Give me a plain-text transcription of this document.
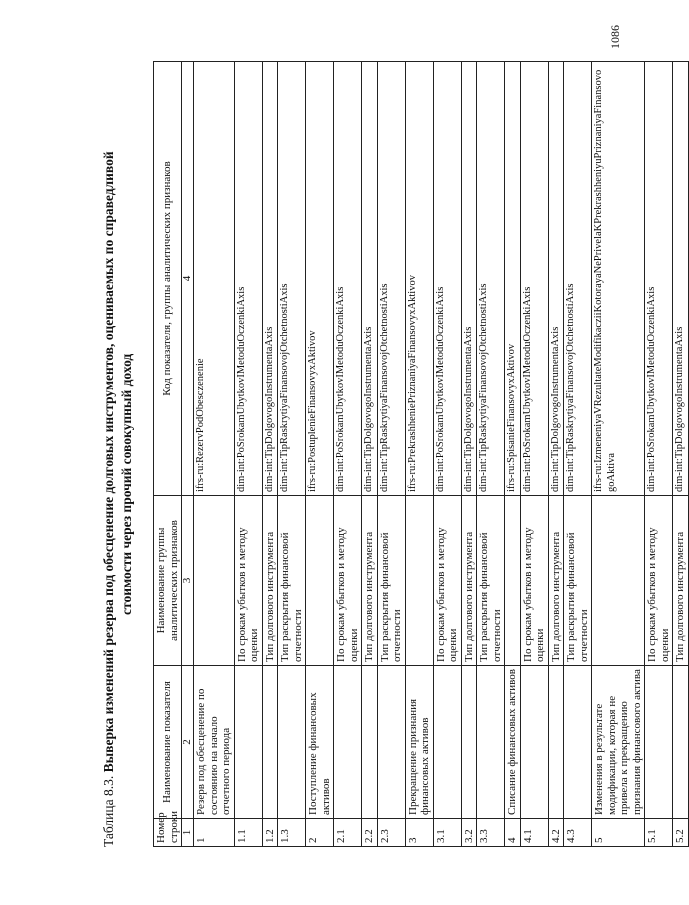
Таблица 8.3. Выверка изменений резерва под обесценение долговых инструментов, оцениваемых по справедливой стоимости через прочий совокупный доход
Номер строки	Наименование показателя	Наименование группы аналитических признаков	Код показателя, группы аналитических признаков
1	2	3	4
1	Резерв под обесценение по состоянию на начало отчетного периода		ifrs-ru:RezervPodObesczenenie
1.1		По срокам убытков и методу оценки	dim-int:PoSrokamUbytkovIMetoduOczenkiAxis
1.2		Тип долгового инструмента	dim-int:TipDolgovogoInstrumentaAxis
1.3		Тип раскрытия финансовой отчетности	dim-int:TipRaskrytiyaFinansovojOtchetnostiAxis
2	Поступление финансовых активов		ifrs-ru:PostupleniеFinansovyxAktivov
2.1		По срокам убытков и методу оценки	dim-int:PoSrokamUbytkovIMetoduOczenkiAxis
2.2		Тип долгового инструмента	dim-int:TipDolgovogoInstrumentaAxis
2.3		Тип раскрытия финансовой отчетности	dim-int:TipRaskrytiyaFinansovojOtchetnostiAxis
3	Прекращение признания финансовых активов		ifrs-ru:PrekrashheniePriznaniyaFinansovyxAktivov
3.1		По срокам убытков и методу оценки	dim-int:PoSrokamUbytkovIMetoduOczenkiAxis
3.2		Тип долгового инструмента	dim-int:TipDolgovogoInstrumentaAxis
3.3		Тип раскрытия финансовой отчетности	dim-int:TipRaskrytiyaFinansovojOtchetnostiAxis
4	Списание финансовых активов		ifrs-ru:SpisanieFinansovyxAktivov
4.1		По срокам убытков и методу оценки	dim-int:PoSrokamUbytkovIMetoduOczenkiAxis
4.2		Тип долгового инструмента	dim-int:TipDolgovogoInstrumentaAxis
4.3		Тип раскрытия финансовой отчетности	dim-int:TipRaskrytiyaFinansovojOtchetnostiAxis
5	Изменения в результате модификации, которая не привела к прекращению признания финансового актива		ifrs-ru:IzmeneniyaVRezultateModifikacziiKotorayaNePrivelaKPrekrashheniyuPriznaniyaFinansovogoAktiva
5.1		По срокам убытков и методу оценки	dim-int:PoSrokamUbytkovIMetoduOczenkiAxis
5.2		Тип долгового инструмента	dim-int:TipDolgovogoInstrumentaAxis
1086
